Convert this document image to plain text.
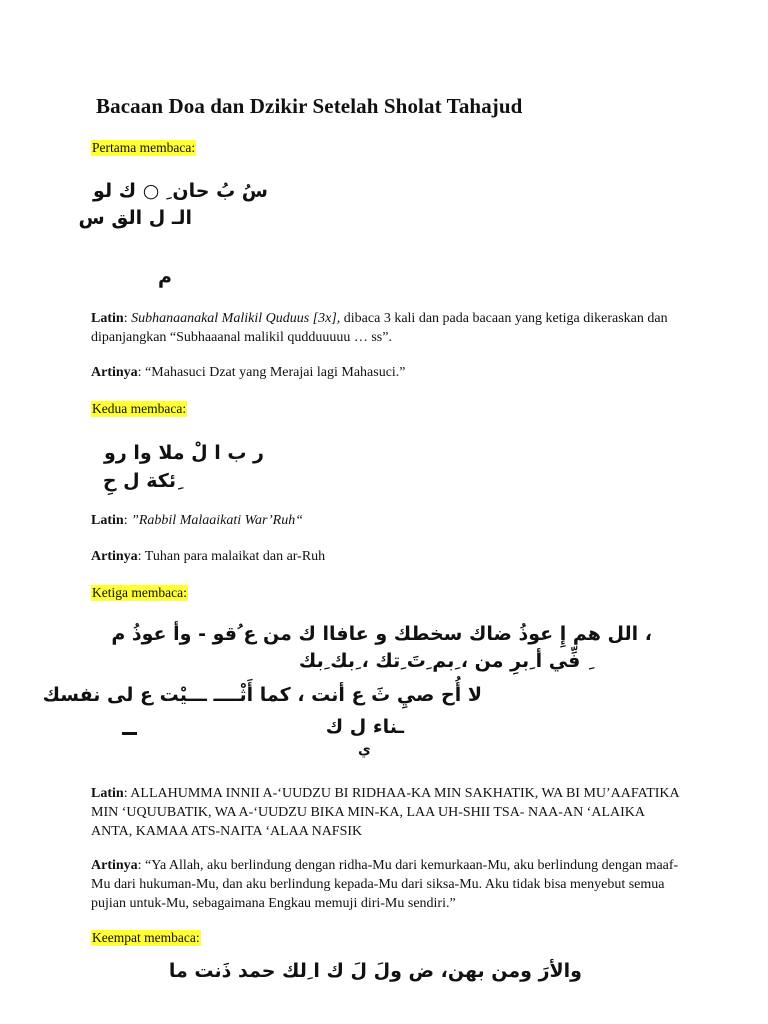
Bacaan Doa dan Dzikir Setelah Sholat Tahajud
Pertama membaca:
سُ بُ حان ِ ○ ك لو
الـ ل الق س
م
Latin: Subhanaanakal Malikil Quduus [3x], dibaca 3 kali dan pada bacaan yang ketiga dikeraskan dan dipanjangkan “Subhaaanal malikil qudduuuuu … ss”.
Artinya: “Mahasuci Dzat yang Merajai lagi Mahasuci.”
Kedua membaca:
ر ب ا لْ ملا وا رو
ِئكة ل حِ
Latin: ”Rabbil Malaaikati War’Ruh“
Artinya: Tuhan para malaikat dan ar-Ruh
Ketiga membaca:
، الل هم إِ عوذُ ضاك سخطك و عافاا ك من ع ُقو - وأ عوذُ م
ِ فِّي أ ِبرِ من ، ِبم ِتَ ِتك ، ِبك ِبك
لا أُح صيِ ثَ ع أنت ، كما أَثْــــ ـــيْت ع لى نفسك
ـناء ل ك
ي
Latin: ALLAHUMMA INNII A-‘UUDZU BI RIDHAA-KA MIN SAKHATIK, WA BI MU’AAFATIKA MIN ‘UQUUBATIK, WA A-‘UUDZU BIKA MIN-KA, LAA UH-SHII TSA- NAA-AN ‘ALAIKA ANTA, KAMAA ATS-NAITA ‘ALAA NAFSIK
Artinya: “Ya Allah, aku berlindung dengan ridha-Mu dari kemurkaan-Mu, aku berlindung dengan maaf-Mu dari hukuman-Mu, dan aku berlindung kepada-Mu dari siksa-Mu. Aku tidak bisa menyebut semua pujian untuk-Mu, sebagaimana Engkau memuji diri-Mu sendiri.”
Keempat membaca:
والأرَ ومن بهن، ض ولَ لَ ك ا ِلك حمد ذَنت ما
